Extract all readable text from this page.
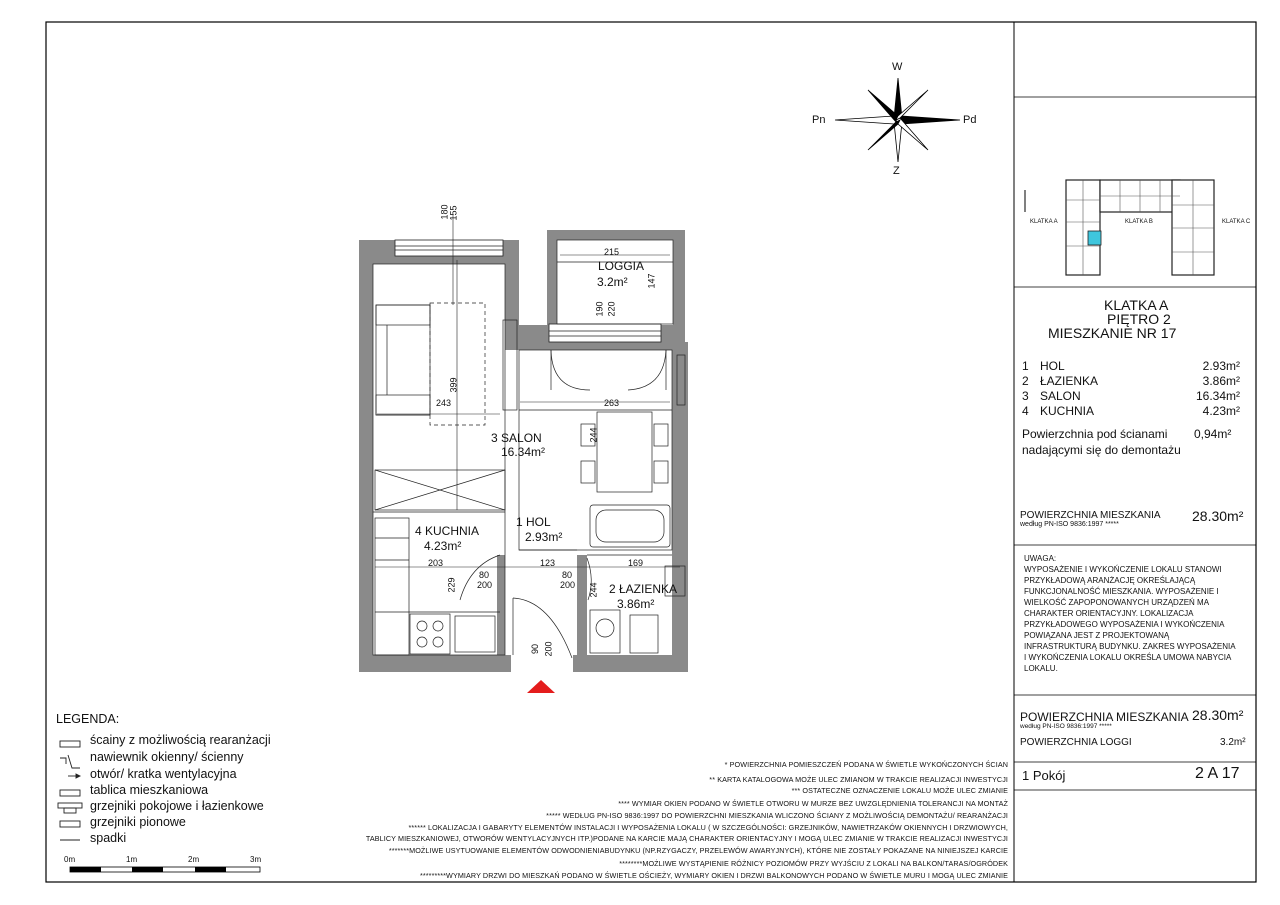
W
Z
Pn	Pd
KLATKA A	KLATKA B	KLATKA C
KLATKA A
PIĘTRO 2
MIESZKANIE NR 17
1 HOL	2.93m²
2 ŁAZIENKA	3.86m²
3 SALON	16.34m²
4 KUCHNIA	4.23m²
Powierzchnia pod ścianami
nadającymi się do demontażu
0,94m²
POWIERZCHNIA MIESZKANIA
według PN-ISO 9836:1997 *****
28.30m²
UWAGA:
WYPOSAŻENIE I WYKOŃCZENIE LOKALU STANOWI
PRZYKŁADOWĄ ARANŻACJĘ OKREŚLAJĄCĄ
FUNKCJONALNOŚĆ MIESZKANIA. WYPOSAŻENIE I
WIELKOŚĆ ZAPOPONOWANYCH URZĄDZEŃ MA
CHARAKTER ORIENTACYJNY. LOKALIZACJA
PRZYKŁADOWEGO WYPOSAŻENIA I WYKOŃCZENIA
POWIĄZANA JEST Z PROJEKTOWANĄ
INFRASTRUKTURĄ BUDYNKU. ZAKRES WYPOSAŻENIA
I WYKOŃCZENIA LOKALU OKREŚLA UMOWA NABYCIA
LOKALU.
POWIERZCHNIA MIESZKANIA 28.30m²
według PN-ISO 9836:1997 *****
POWIERZCHNIA LOGGI	3.2m²
1 Pokój	2 A 17
LOGGIA
3.2m²
3 SALON
16.34m²
4 KUCHNIA
4.23m²
1 HOL
2.93m²
2 ŁAZIENKA
3.86m²
180 155
215
147
190 220
399
243	263
244
203
229
80
200
123
80
200
169
244
90 200
LEGENDA:
ścainy z możliwością rearanżacji
nawiewnik okienny/ ścienny
otwór/ kratka wentylacyjna
tablica mieszkaniowa
grzejniki pokojowe i łazienkowe
grzejniki pionowe
spadki
0m	1m	2m	3m
* POWIERZCHNIA POMIESZCZEŃ PODANA W ŚWIETLE WYKOŃCZONYCH ŚCIAN
** KARTA KATALOGOWA MOŻE ULEC ZMIANOM W TRAKCIE REALIZACJI INWESTYCJI
*** OSTATECZNE OZNACZENIE LOKALU MOŻE ULEC ZMIANIE
**** WYMIAR OKIEN PODANO W ŚWIETLE OTWORU W MURZE BEZ UWZGLĘDNIENIA TOLERANCJI NA MONTAŻ
***** WEDŁUG PN-ISO 9836:1997 DO POWIERZCHNI MIESZKANIA WLICZONO ŚCIANY Z MOŻLIWOŚCIĄ DEMONTAŻU/ REARANŻACJI
****** LOKALIZACJA I GABARYTY ELEMENTÓW INSTALACJI I WYPOSAŻENIA LOKALU ( W SZCZEGÓLNOŚCI: GRZEJNIKÓW, NAWIETRZAKÓW OKIENNYCH I DRZWIOWYCH,
TABLICY MIESZKANIOWEJ, OTWORÓW WENTYLACYJNYCH ITP.)PODANE NA KARCIE MAJĄ CHARAKTER ORIENTACYJNY I MOGĄ ULEC ZMIANIE W TRAKCIE REALIZACJI INWESTYCJI
*******MOŻLIWE USYTUOWANIE ELEMENTÓW ODWODNIENIABUDYNKU (NP.RZYGACZY, PRZELEWÓW AWARYJNYCH), KTÓRE NIE ZOSTAŁY POKAZANE NA NINIEJSZEJ KARCIE
********MOŻLIWE WYSTĄPIENIE RÓŻNICY POZIOMÓW PRZY WYJŚCIU Z LOKALI NA BALKON/TARAS/OGRÓDEK
*********WYMIARY DRZWI DO MIESZKAŃ PODANO W ŚWIETLE OŚCIEŻY, WYMIARY OKIEN I DRZWI BALKONOWYCH PODANO W ŚWIETLE MURU I MOGĄ ULEC ZMIANIE
